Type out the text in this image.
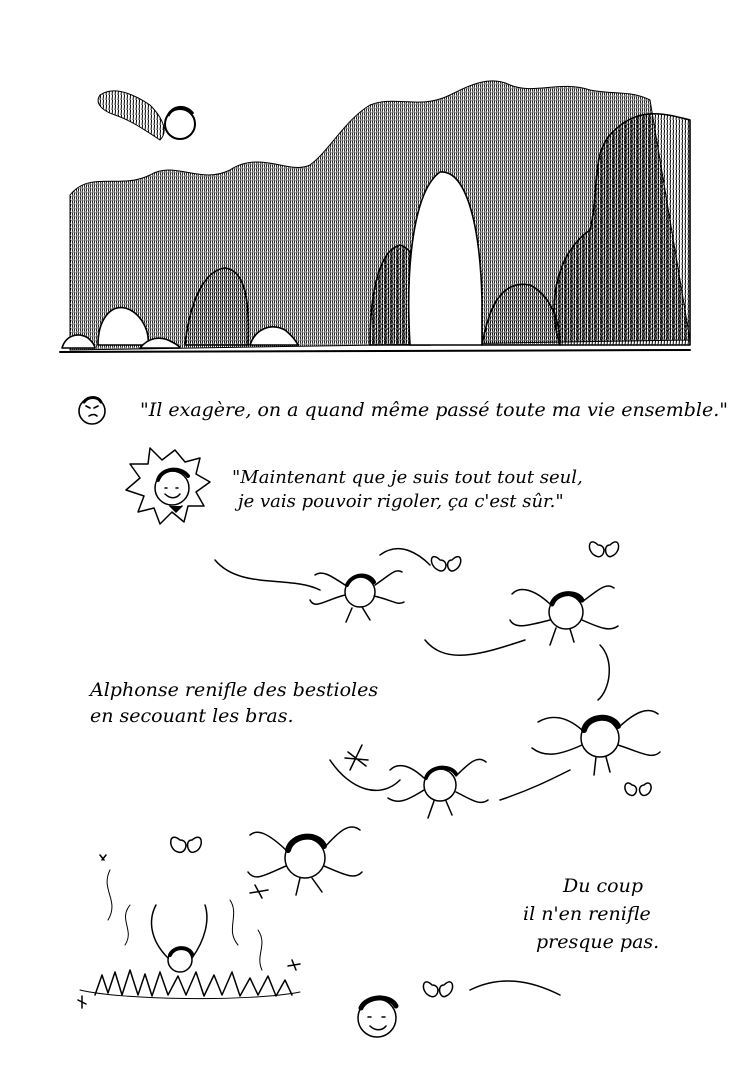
"Il exagère, on a quand même passé toute ma vie ensemble."
"Maintenant que je suis tout tout seul,
je vais pouvoir rigoler, ça c'est sûr."
Alphonse renifle des bestioles
en secouant les bras.
Du coup
il n'en renifle
presque pas.
